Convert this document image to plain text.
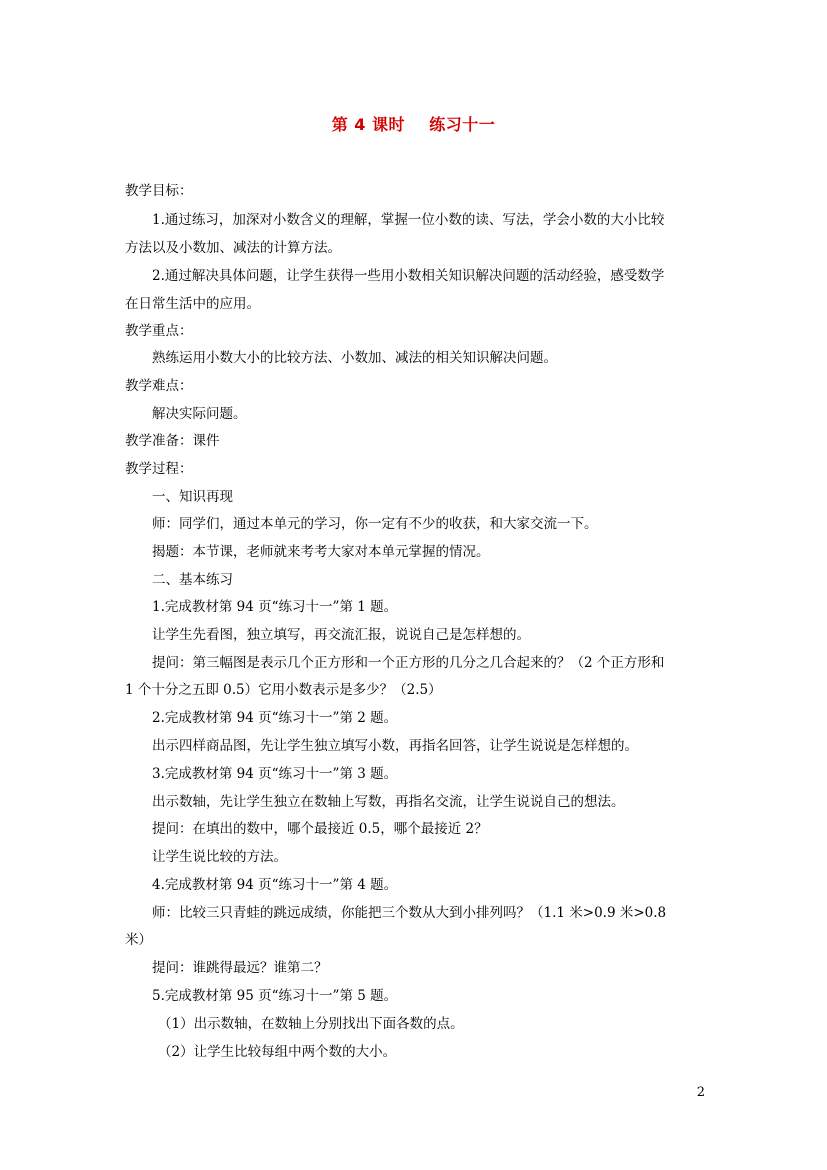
第 4 课时    练习十一
教学目标：
1.通过练习，加深对小数含义的理解，掌握一位小数的读、写法，学会小数的大小比较
方法以及小数加、减法的计算方法。
2.通过解决具体问题，让学生获得一些用小数相关知识解决问题的活动经验，感受数学
在日常生活中的应用。
教学重点：
熟练运用小数大小的比较方法、小数加、减法的相关知识解决问题。
教学难点：
解决实际问题。
教学准备：课件
教学过程：
一、知识再现
师：同学们，通过本单元的学习，你一定有不少的收获，和大家交流一下。
揭题：本节课，老师就来考考大家对本单元掌握的情况。
二、基本练习
1.完成教材第 94 页“练习十一”第 1 题。
让学生先看图，独立填写，再交流汇报，说说自己是怎样想的。
提问：第三幅图是表示几个正方形和一个正方形的几分之几合起来的？（2 个正方形和
1 个十分之五即 0.5）它用小数表示是多少？（2.5）
2.完成教材第 94 页“练习十一”第 2 题。
出示四样商品图，先让学生独立填写小数，再指名回答，让学生说说是怎样想的。
3.完成教材第 94 页“练习十一”第 3 题。
出示数轴，先让学生独立在数轴上写数，再指名交流，让学生说说自己的想法。
提问：在填出的数中，哪个最接近 0.5，哪个最接近 2？
让学生说比较的方法。
4.完成教材第 94 页“练习十一”第 4 题。
师：比较三只青蛙的跳远成绩，你能把三个数从大到小排列吗？（1.1 米>0.9 米>0.8
米）
提问：谁跳得最远？谁第二？
5.完成教材第 95 页“练习十一”第 5 题。
（1）出示数轴，在数轴上分别找出下面各数的点。
（2）让学生比较每组中两个数的大小。
2
